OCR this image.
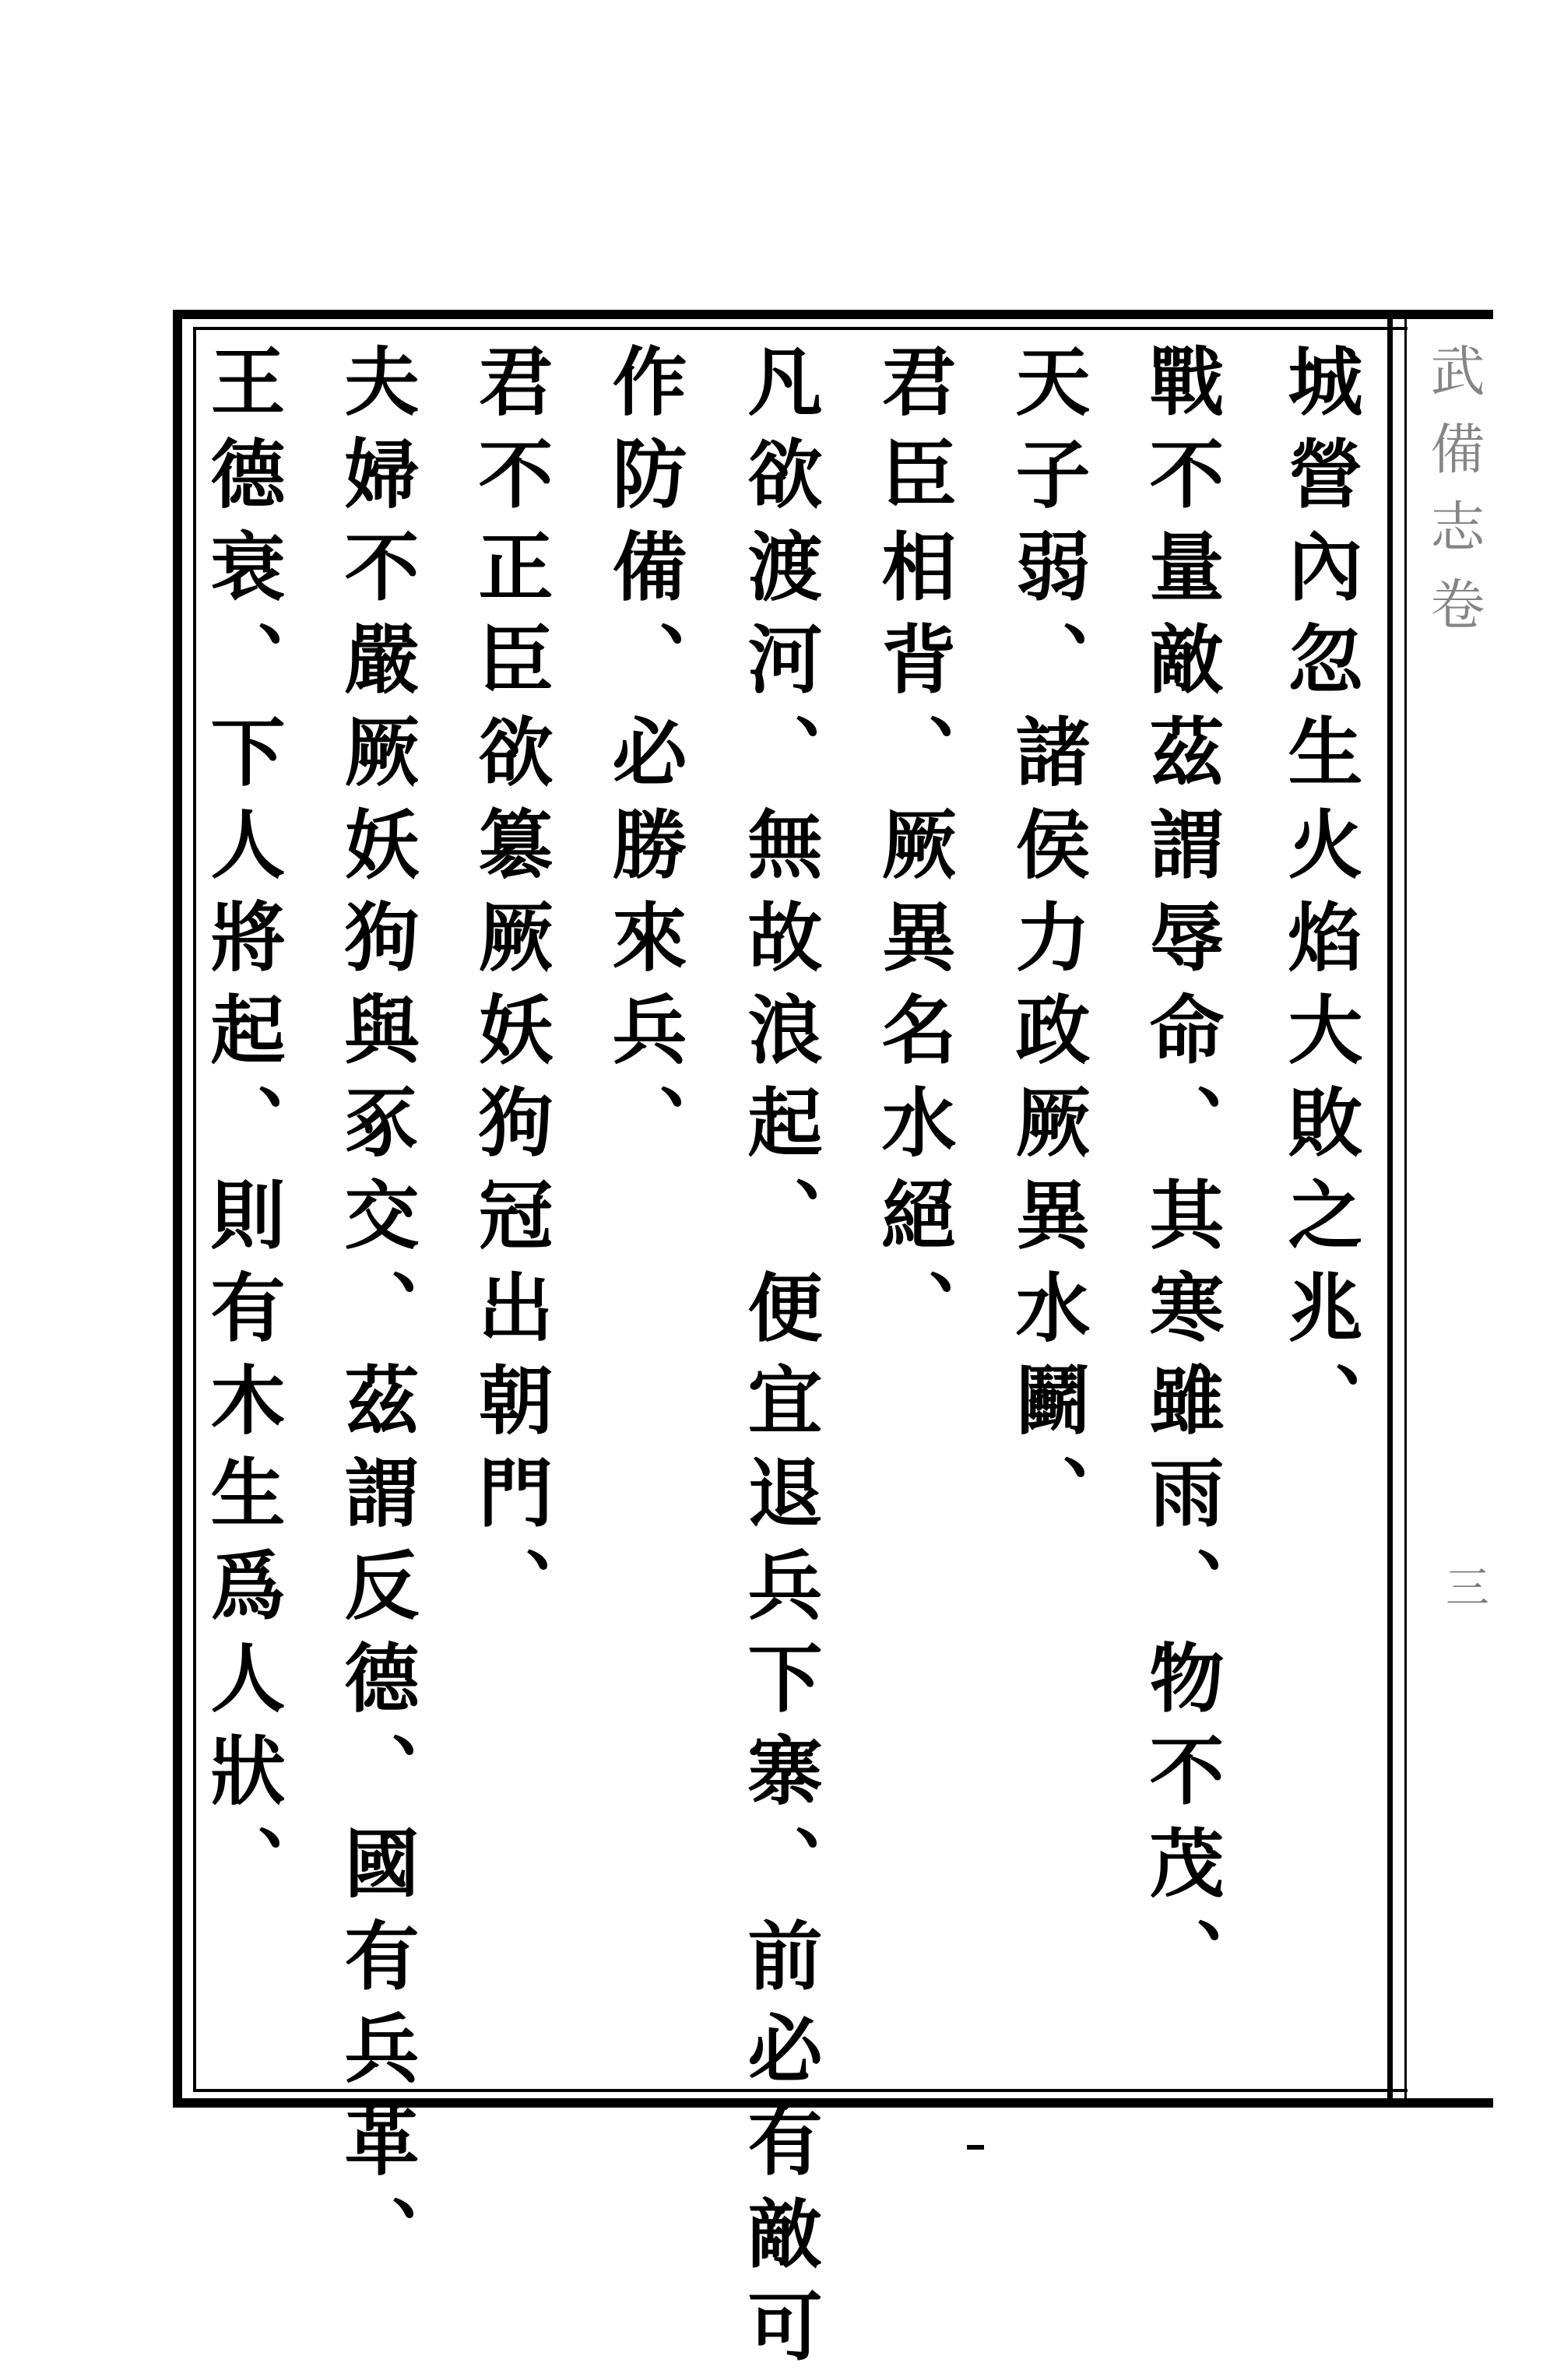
武備志卷
三
城營內忽生火焰大敗之兆、
戰不量敵茲謂辱命、其寒雖雨、物不茂、
天子弱、諸侯力政厥異水鬬、
君臣相背、厥異名水絕、
凡欲渡河、無故浪起、便宜退兵下寨、前必有敵可
作防備、必勝來兵、
君不正臣欲簒厥妖狗冠出朝門、
夫婦不嚴厥妖狗與豖交、茲謂反德、國有兵革、
王德衰、下人將起、則有木生爲人狀、
